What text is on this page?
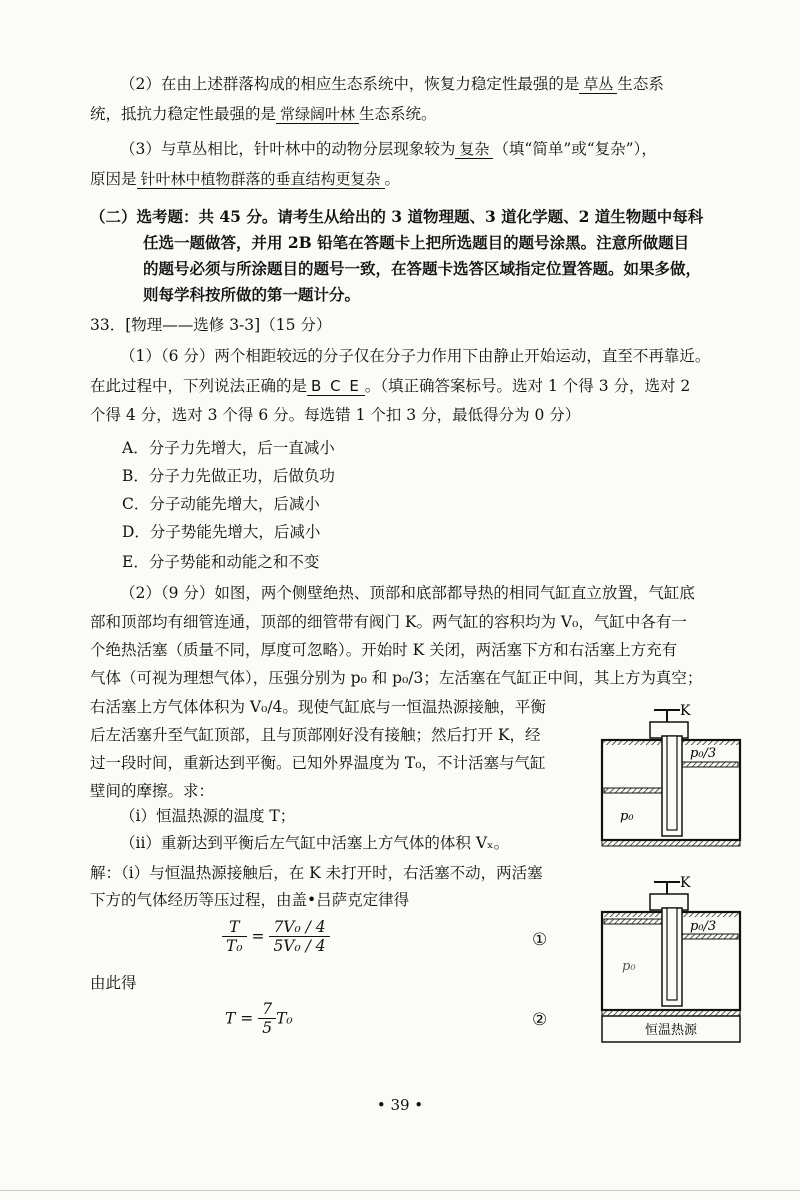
（2）在由上述群落构成的相应生态系统中，恢复力稳定性最强的是 草丛 生态系
统，抵抗力稳定性最强的是 常绿阔叶林 生态系统。
（3）与草丛相比，针叶林中的动物分层现象较为 复杂 （填“简单”或“复杂”），
原因是 针叶林中植物群落的垂直结构更复杂 。
（二）选考题：共 45 分。请考生从给出的 3 道物理题、3 道化学题、2 道生物题中每科
任选一题做答，并用 2B 铅笔在答题卡上把所选题目的题号涂黑。注意所做题目
的题号必须与所涂题目的题号一致，在答题卡选答区域指定位置答题。如果多做，
则每学科按所做的第一题计分。
33．[物理——选修 3-3]（15 分）
（1）（6 分）两个相距较远的分子仅在分子力作用下由静止开始运动，直至不再靠近。
在此过程中，下列说法正确的是 B C E 。（填正确答案标号。选对 1 个得 3 分，选对 2
个得 4 分，选对 3 个得 6 分。每选错 1 个扣 3 分，最低得分为 0 分）
A．分子力先增大，后一直减小
B．分子力先做正功，后做负功
C．分子动能先增大，后减小
D．分子势能先增大，后减小
E．分子势能和动能之和不变
（2）（9 分）如图，两个侧壁绝热、顶部和底部都导热的相同气缸直立放置，气缸底
部和顶部均有细管连通，顶部的细管带有阀门 K。两气缸的容积均为 V₀，气缸中各有一
个绝热活塞（质量不同，厚度可忽略）。开始时 K 关闭，两活塞下方和右活塞上方充有
气体（可视为理想气体），压强分别为 p₀ 和 p₀/3；左活塞在气缸正中间，其上方为真空；
右活塞上方气体体积为 V₀/4。现使气缸底与一恒温热源接触，平衡
后左活塞升至气缸顶部，且与顶部刚好没有接触；然后打开 K，经
过一段时间，重新达到平衡。已知外界温度为 T₀，不计活塞与气缸
壁间的摩擦。求：
（i）恒温热源的温度 T；
（ii）重新达到平衡后左气缸中活塞上方气体的体积 Vₓ。
解：（i）与恒温热源接触后，在 K 未打开时，右活塞不动，两活塞
下方的气体经历等压过程，由盖•吕萨克定律得
$\frac{T}{\text{T₀}} = \frac{\text{7V₀ / 4}}{\text{5V₀ / 4}}$	①
由此得
$T = \frac{7}{5} T_0$	②
K
p₀/3
p₀
K
p₀/3
p₀
恒温热源
• 39 •
